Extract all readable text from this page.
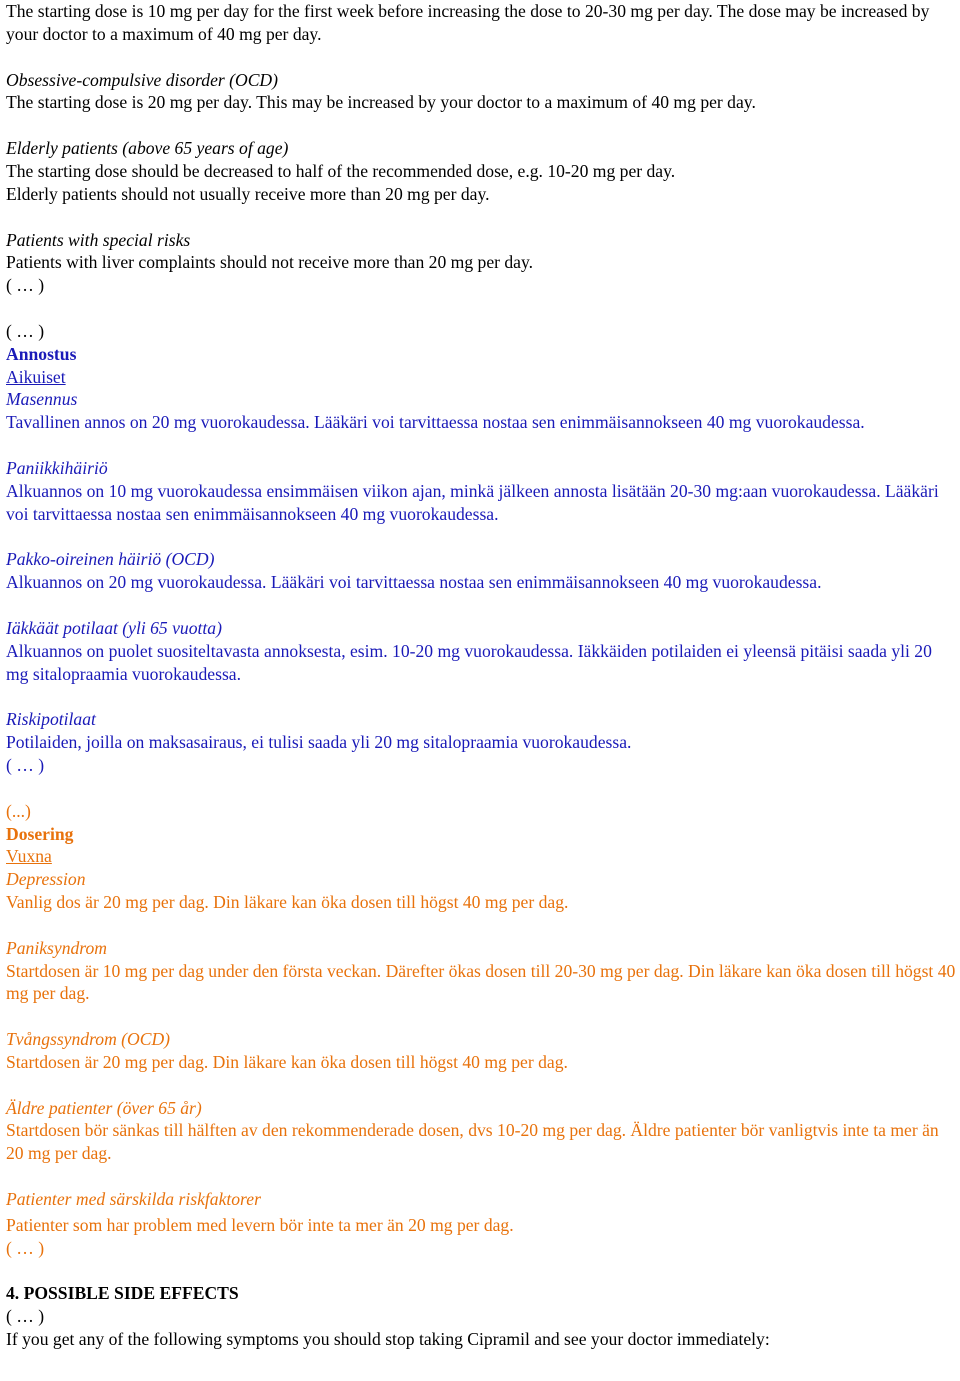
The starting dose is 10 mg per day for the first week before increasing the dose to 20-30 mg per day. The dose may be increased by your doctor to a maximum of 40 mg per day.

Obsessive-compulsive disorder (OCD)

The starting dose is 20 mg per day. This may be increased by your doctor to a maximum of 40 mg per day.

Elderly patients (above 65 years of age)

The starting dose should be decreased to half of the recommended dose, e.g. 10-20 mg per day.

Elderly patients should not usually receive more than 20 mg per day.

Patients with special risks

Patients with liver complaints should not receive more than 20 mg per day.

( … )

( … )

Annostus

Aikuiset

Masennus

Tavallinen annos on 20 mg vuorokaudessa. Lääkäri voi tarvittaessa nostaa sen enimmäisannokseen 40 mg vuorokaudessa.

Paniikkihäiriö

Alkuannos on 10 mg vuorokaudessa ensimmäisen viikon ajan, minkä jälkeen annosta lisätään 20-30 mg:aan vuorokaudessa. Lääkäri voi tarvittaessa nostaa sen enimmäisannokseen 40 mg vuorokaudessa.

Pakko-oireinen häiriö (OCD)

Alkuannos on 20 mg vuorokaudessa. Lääkäri voi tarvittaessa nostaa sen enimmäisannokseen 40 mg vuorokaudessa.

Iäkkäät potilaat (yli 65 vuotta)

Alkuannos on puolet suositeltavasta annoksesta, esim. 10-20 mg vuorokaudessa. Iäkkäiden potilaiden ei yleensä pitäisi saada yli 20 mg sitalopraamia vuorokaudessa.

Riskipotilaat

Potilaiden, joilla on maksasairaus, ei tulisi saada yli 20 mg sitalopraamia vuorokaudessa.

( … )

(...)

Dosering

Vuxna

Depression

Vanlig dos är 20 mg per dag. Din läkare kan öka dosen till högst 40 mg per dag.

Paniksyndrom

Startdosen är 10 mg per dag under den första veckan. Därefter ökas dosen till 20-30 mg per dag. Din läkare kan öka dosen till högst 40 mg per dag.

Tvångssyndrom (OCD)

Startdosen är 20 mg per dag. Din läkare kan öka dosen till högst 40 mg per dag.

Äldre patienter (över 65 år)

Startdosen bör sänkas till hälften av den rekommenderade dosen, dvs 10-20 mg per dag. Äldre patienter bör vanligtvis inte ta mer än 20 mg per dag.

Patienter med särskilda riskfaktorer

Patienter som har problem med levern bör inte ta mer än 20 mg per dag.

( … )

4. POSSIBLE SIDE EFFECTS

( … )

If you get any of the following symptoms you should stop taking Cipramil and see your doctor immediately:
